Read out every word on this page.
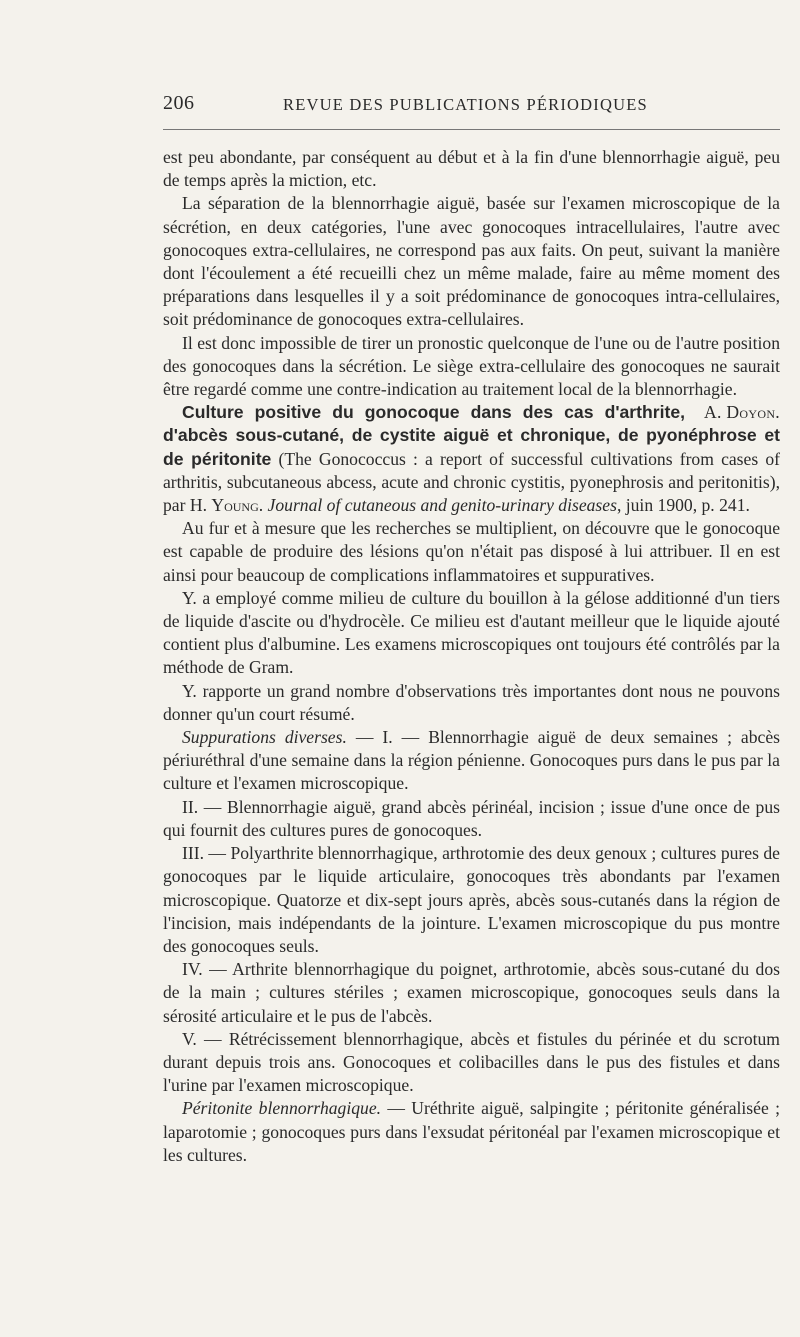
206	REVUE DES PUBLICATIONS PÉRIODIQUES

est peu abondante, par conséquent au début et à la fin d'une blennorrhagie aiguë, peu de temps après la miction, etc.

La séparation de la blennorrhagie aiguë, basée sur l'examen microscopique de la sécrétion, en deux catégories, l'une avec gonocoques intracellulaires, l'autre avec gonocoques extra-cellulaires, ne correspond pas aux faits. On peut, suivant la manière dont l'écoulement a été recueilli chez un même malade, faire au même moment des préparations dans lesquelles il y a soit prédominance de gonocoques intra-cellulaires, soit prédominance de gonocoques extra-cellulaires.

Il est donc impossible de tirer un pronostic quelconque de l'une ou de l'autre position des gonocoques dans la sécrétion. Le siège extra-cellulaire des gonocoques ne saurait être regardé comme une contre-indication au traitement local de la blennorrhagie.
A. Doyon.

Culture positive du gonocoque dans des cas d'arthrite, d'abcès sous-cutané, de cystite aiguë et chronique, de pyonéphrose et de péritonite (The Gonococcus : a report of successful cultivations from cases of arthritis, subcutaneous abcess, acute and chronic cystitis, pyonephrosis and peritonitis), par H. Young. Journal of cutaneous and genito-urinary diseases, juin 1900, p. 241.

Au fur et à mesure que les recherches se multiplient, on découvre que le gonocoque est capable de produire des lésions qu'on n'était pas disposé à lui attribuer. Il en est ainsi pour beaucoup de complications inflammatoires et suppuratives.

Y. a employé comme milieu de culture du bouillon à la gélose additionné d'un tiers de liquide d'ascite ou d'hydrocèle. Ce milieu est d'autant meilleur que le liquide ajouté contient plus d'albumine. Les examens microscopiques ont toujours été contrôlés par la méthode de Gram.

Y. rapporte un grand nombre d'observations très importantes dont nous ne pouvons donner qu'un court résumé.

Suppurations diverses. — I. — Blennorrhagie aiguë de deux semaines ; abcès périuréthral d'une semaine dans la région pénienne. Gonocoques purs dans le pus par la culture et l'examen microscopique.

II. — Blennorrhagie aiguë, grand abcès périnéal, incision ; issue d'une once de pus qui fournit des cultures pures de gonocoques.

III. — Polyarthrite blennorrhagique, arthrotomie des deux genoux ; cultures pures de gonocoques par le liquide articulaire, gonocoques très abondants par l'examen microscopique. Quatorze et dix-sept jours après, abcès sous-cutanés dans la région de l'incision, mais indépendants de la jointure. L'examen microscopique du pus montre des gonocoques seuls.

IV. — Arthrite blennorrhagique du poignet, arthrotomie, abcès sous-cutané du dos de la main ; cultures stériles ; examen microscopique, gonocoques seuls dans la sérosité articulaire et le pus de l'abcès.

V. — Rétrécissement blennorrhagique, abcès et fistules du périnée et du scrotum durant depuis trois ans. Gonocoques et colibacilles dans le pus des fistules et dans l'urine par l'examen microscopique.

Péritonite blennorrhagique. — Uréthrite aiguë, salpingite ; péritonite généralisée ; laparotomie ; gonocoques purs dans l'exsudat péritonéal par l'examen microscopique et les cultures.
